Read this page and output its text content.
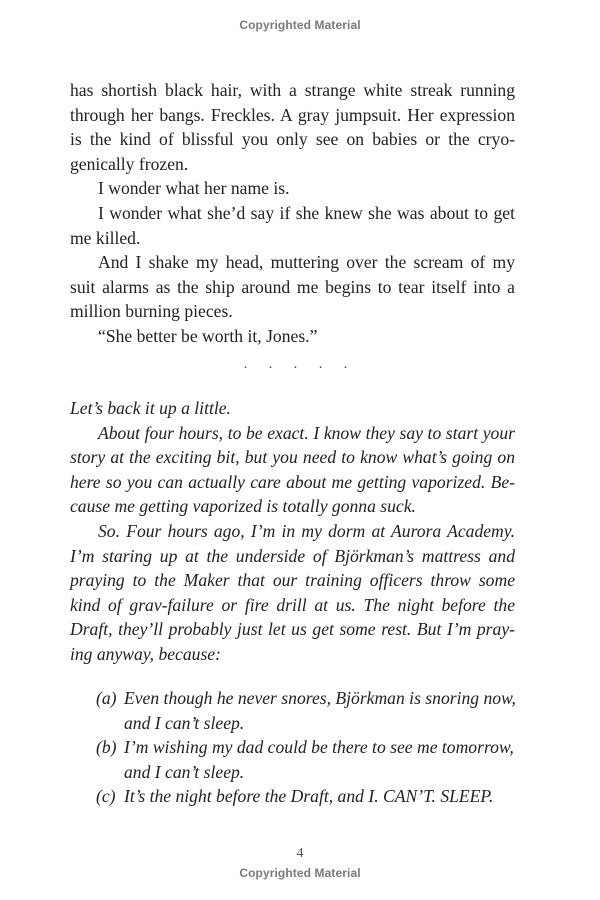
Copyrighted Material

has shortish black hair, with a strange white streak running through her bangs. Freckles. A gray jumpsuit. Her expression is the kind of blissful you only see on babies or the cryogenically frozen.

I wonder what her name is.

I wonder what she’d say if she knew she was about to get me killed.

And I shake my head, muttering over the scream of my suit alarms as the ship around me begins to tear itself into a million burning pieces.

“She better be worth it, Jones.”

. . . . .

Let’s back it up a little.

About four hours, to be exact. I know they say to start your story at the exciting bit, but you need to know what’s going on here so you can actually care about me getting vaporized. Because me getting vaporized is totally gonna suck.

So. Four hours ago, I’m in my dorm at Aurora Academy. I’m staring up at the underside of Björkman’s mattress and praying to the Maker that our training officers throw some kind of grav-failure or fire drill at us. The night before the Draft, they’ll probably just let us get some rest. But I’m praying anyway, because:

(a) Even though he never snores, Björkman is snoring now, and I can’t sleep.
(b) I’m wishing my dad could be there to see me tomorrow, and I can’t sleep.
(c) It’s the night before the Draft, and I. CAN’T. SLEEP.
4
Copyrighted Material
